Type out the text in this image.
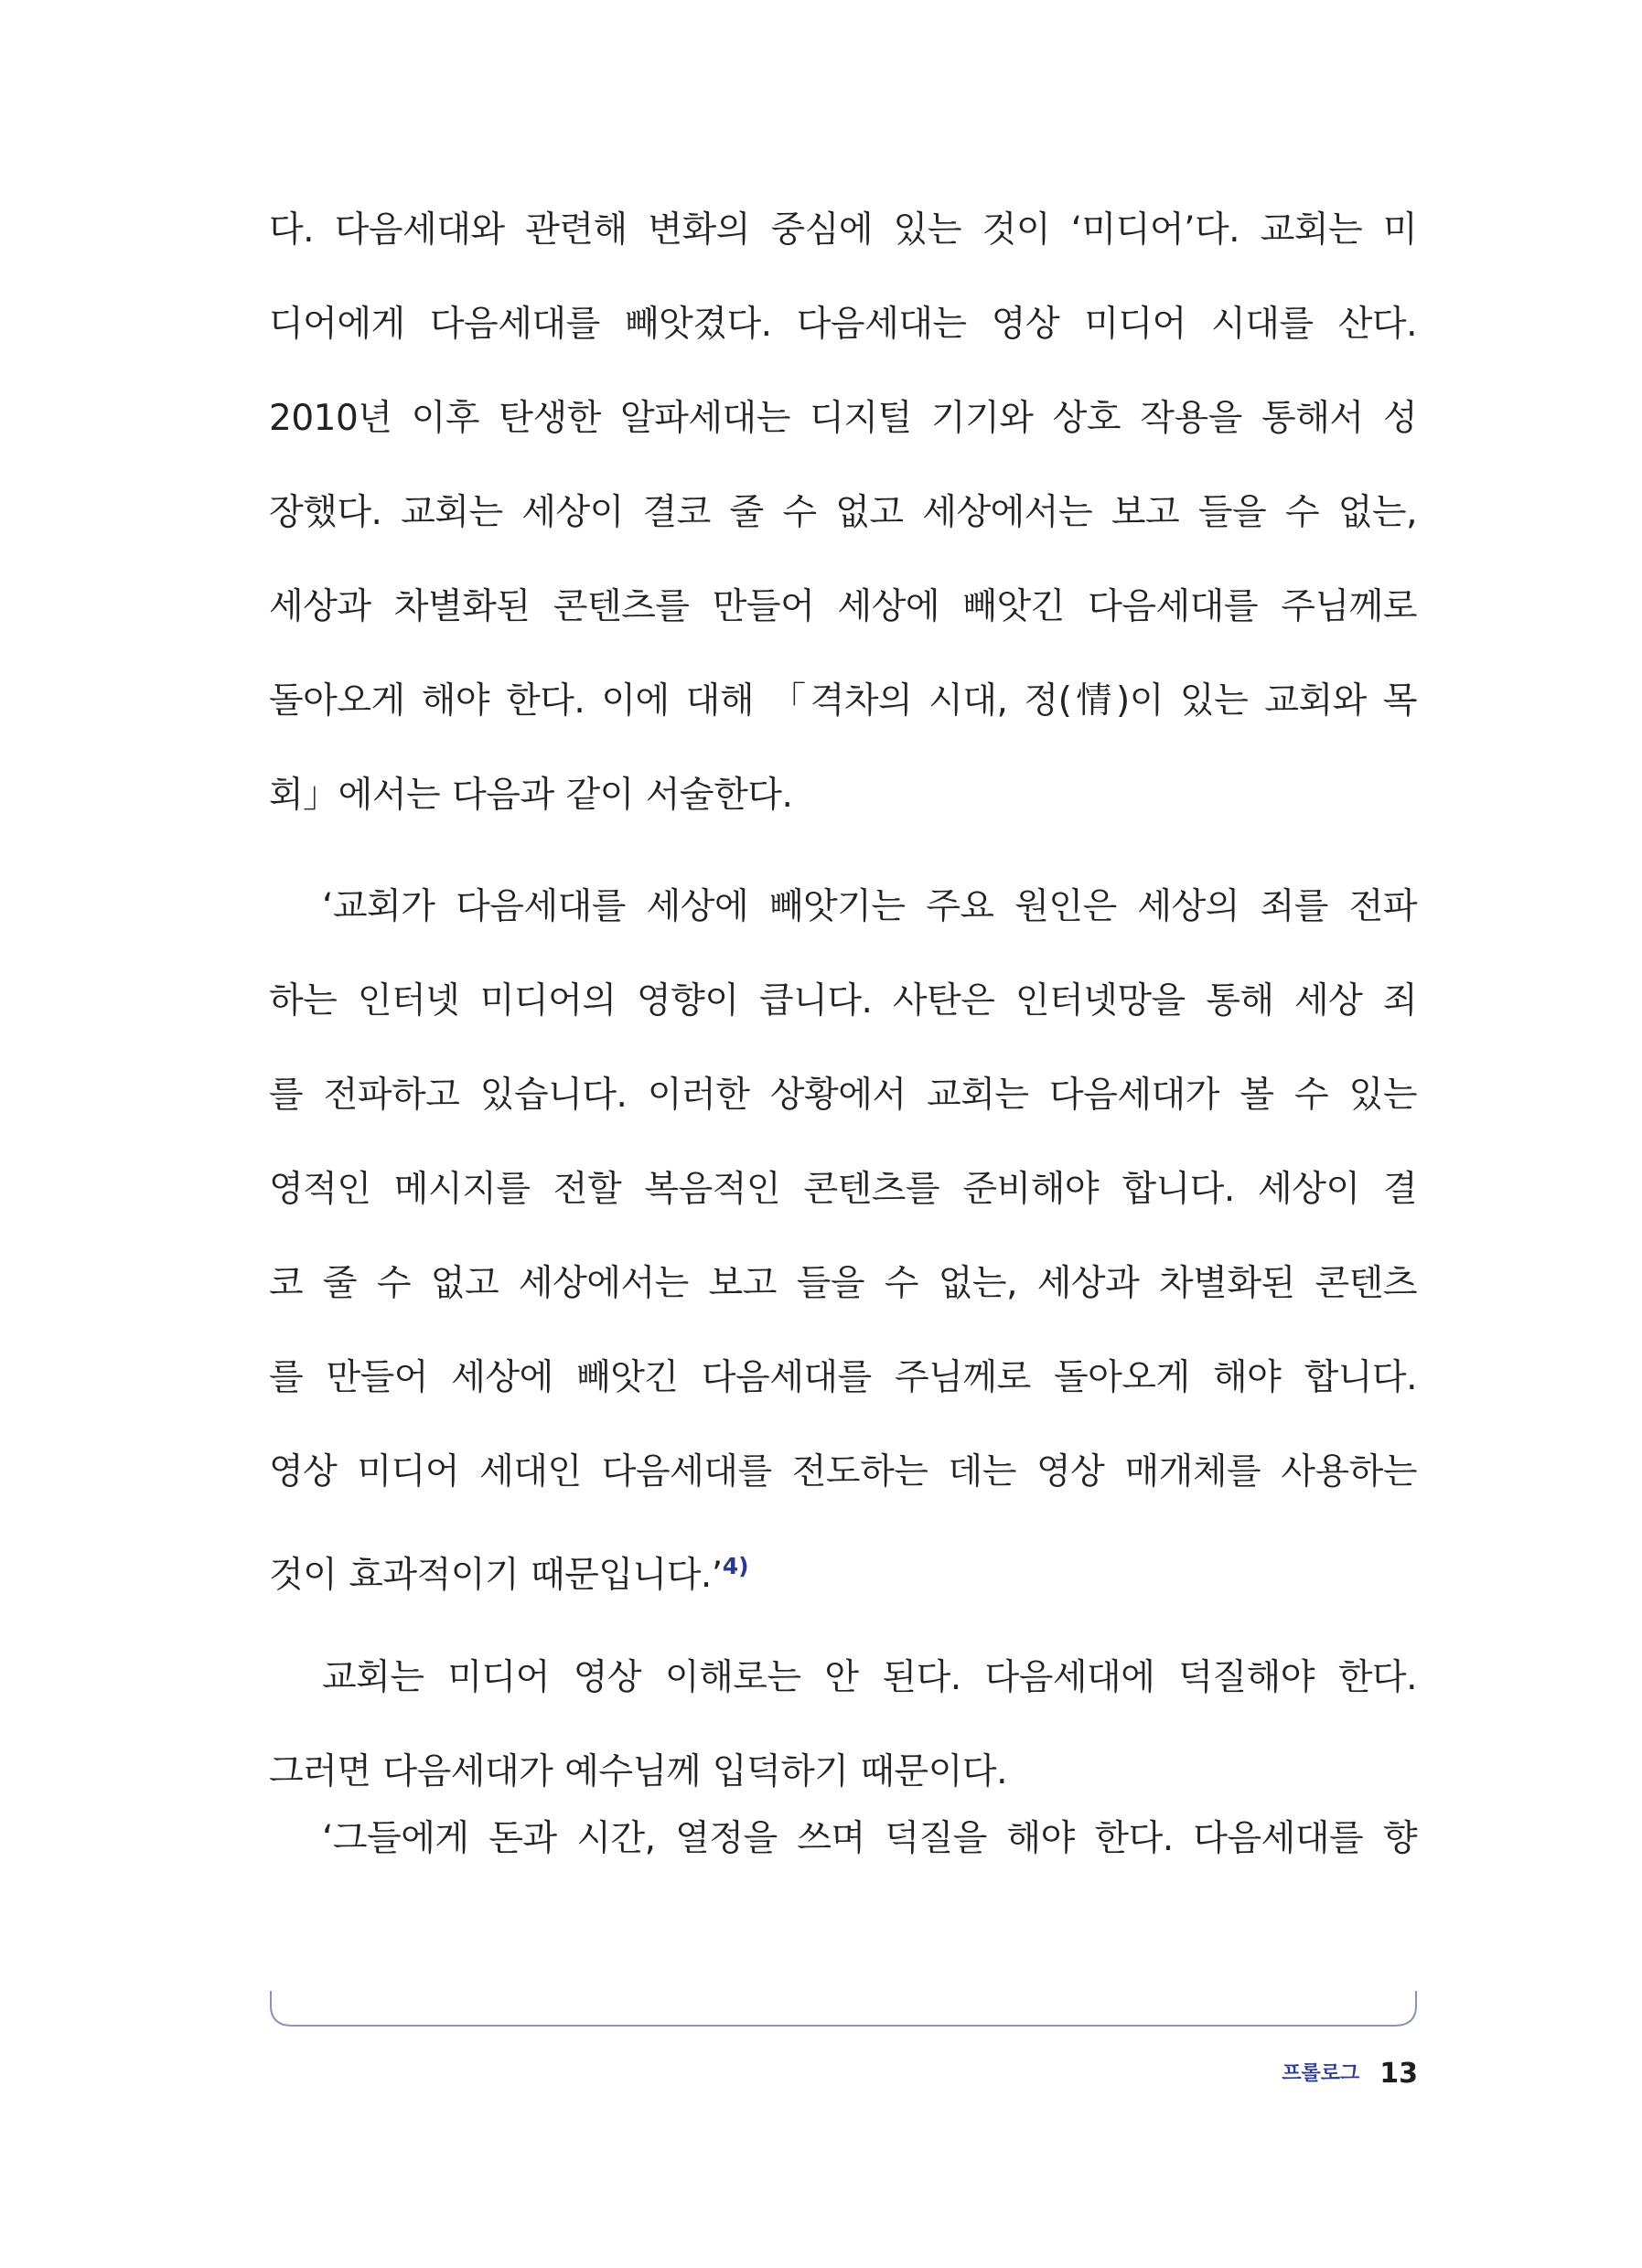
다. 다음세대와 관련해 변화의 중심에 있는 것이 ‘미디어’다. 교회는 미
디어에게 다음세대를 빼앗겼다. 다음세대는 영상 미디어 시대를 산다.
2010년 이후 탄생한 알파세대는 디지털 기기와 상호 작용을 통해서 성
장했다. 교회는 세상이 결코 줄 수 없고 세상에서는 보고 들을 수 없는,
세상과 차별화된 콘텐츠를 만들어 세상에 빼앗긴 다음세대를 주님께로
돌아오게 해야 한다. 이에 대해 「격차의 시대, 정(情)이 있는 교회와 목
회」에서는 다음과 같이 서술한다.
‘교회가 다음세대를 세상에 빼앗기는 주요 원인은 세상의 죄를 전파
하는 인터넷 미디어의 영향이 큽니다. 사탄은 인터넷망을 통해 세상 죄
를 전파하고 있습니다. 이러한 상황에서 교회는 다음세대가 볼 수 있는
영적인 메시지를 전할 복음적인 콘텐츠를 준비해야 합니다. 세상이 결
코 줄 수 없고 세상에서는 보고 들을 수 없는, 세상과 차별화된 콘텐츠
를 만들어 세상에 빼앗긴 다음세대를 주님께로 돌아오게 해야 합니다.
영상 미디어 세대인 다음세대를 전도하는 데는 영상 매개체를 사용하는
것이 효과적이기 때문입니다.’$^{4)}$
교회는 미디어 영상 이해로는 안 된다. 다음세대에 덕질해야 한다.
그러면 다음세대가 예수님께 입덕하기 때문이다.
‘그들에게 돈과 시간, 열정을 쓰며 덕질을 해야 한다. 다음세대를 향
프롤로그 13
